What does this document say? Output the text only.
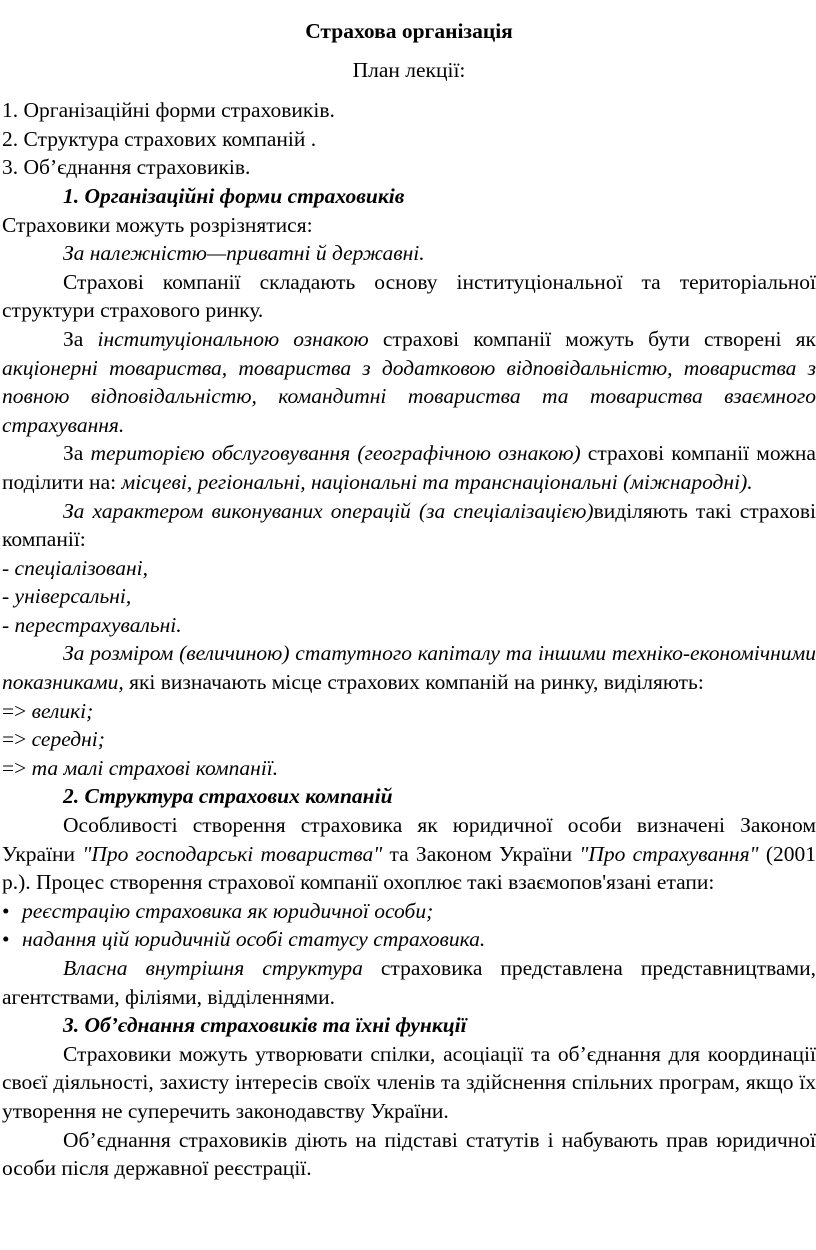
Страхова організація

План лекції:

1. Організаційні форми страховиків.

2. Структура страхових компаній .

3. Об’єднання страховиків.

1. Організаційні форми страховиків

Страховики можуть розрізнятися:

За належністю—приватні й державні.

Страхові компанії складають основу інституціональної та територіальної структури страхового ринку.

За інституціональною ознакою страхові компанії можуть бути створені як акціонерні товариства, товариства з додатковою відповідальністю, товариства з повною відповідальністю, командитні товариства та товариства взаємного страхування.

За територією обслуговування (географічною ознакою) страхові компанії можна поділити на: місцеві, регіональні, національні та транснаціональні (міжнародні).

За характером виконуваних операцій (за спеціалізацією)виділяють такі страхові компанії:

- спеціалізовані,

- універсальні,

- перестрахувальні.

За розміром (величиною) статутного капіталу та іншими техніко-економічними показниками, які визначають місце страхових компаній на ринку, виділяють:

=> великі;

=> середні;

=> та малі страхові компанії.

2. Структура страхових компаній

Особливості створення страховика як юридичної особи визначені Законом України "Про господарські товариства" та Законом України "Про страхування" (2001 р.). Процес створення страхової компанії охоплює такі взаємопов'язані етапи:

• реєстрацію страховика як юридичної особи;

• надання цій юридичній особі статусу страховика.

Власна внутрішня структура страховика представлена представництвами, агентствами, філіями, відділеннями.

3. Об’єднання страховиків та їхні функції

Страховики можуть утворювати спілки, асоціації та об’єднання для координації своєї діяльності, захисту інтересів своїх членів та здійснення спільних програм, якщо їх утворення не суперечить законодавству України.

Об’єднання страховиків діють на підставі статутів і набувають прав юридичної особи після державної реєстрації.
